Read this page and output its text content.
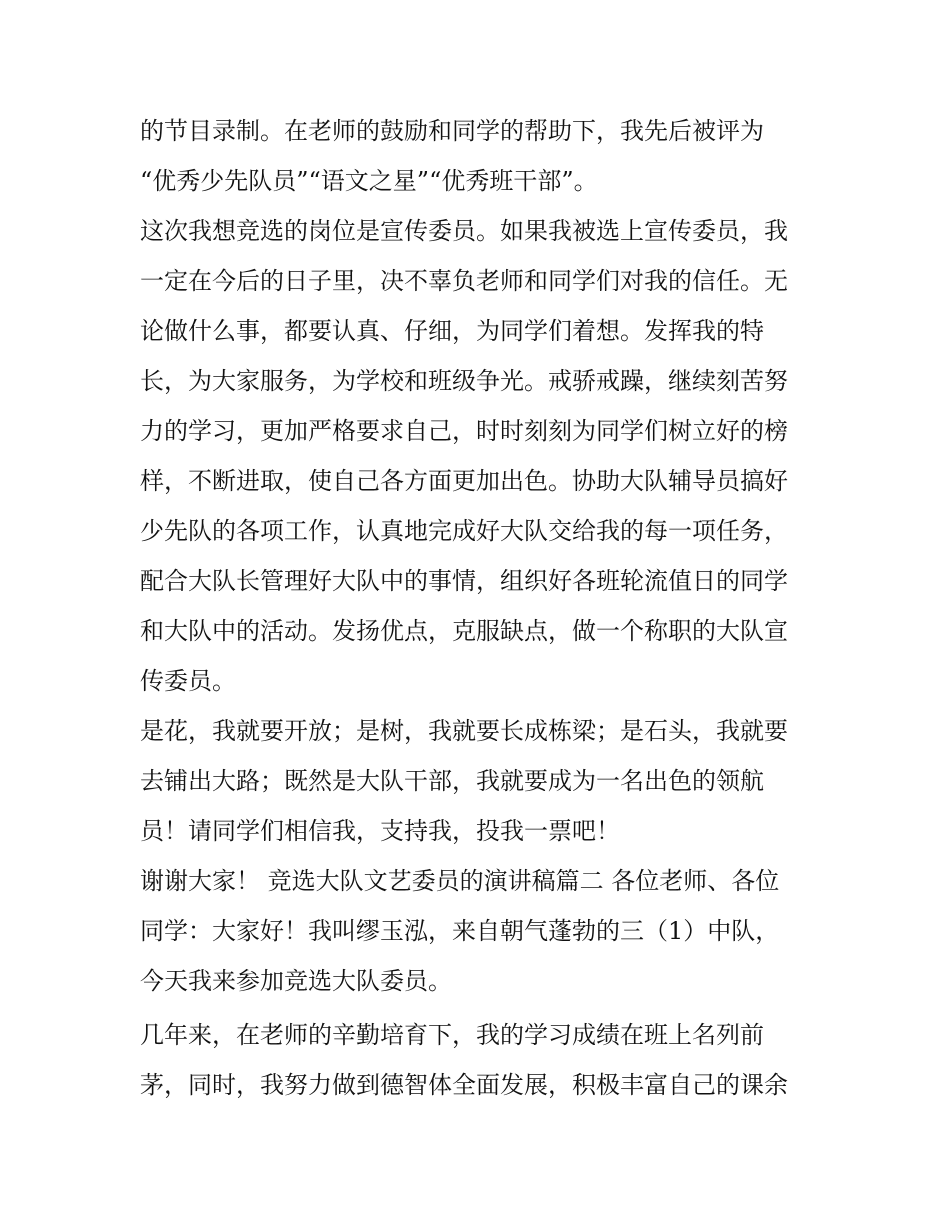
的节目录制。在老师的鼓励和同学的帮助下，我先后被评为

“优秀少先队员”“语文之星”“优秀班干部”。

这次我想竞选的岗位是宣传委员。如果我被选上宣传委员，我

一定在今后的日子里，决不辜负老师和同学们对我的信任。无

论做什么事，都要认真、仔细，为同学们着想。发挥我的特

长，为大家服务，为学校和班级争光。戒骄戒躁，继续刻苦努

力的学习，更加严格要求自己，时时刻刻为同学们树立好的榜

样，不断进取，使自己各方面更加出色。协助大队辅导员搞好

少先队的各项工作，认真地完成好大队交给我的每一项任务，

配合大队长管理好大队中的事情，组织好各班轮流值日的同学

和大队中的活动。发扬优点，克服缺点，做一个称职的大队宣

传委员。

是花，我就要开放；是树，我就要长成栋梁；是石头，我就要

去铺出大路；既然是大队干部，我就要成为一名出色的领航

员！请同学们相信我，支持我，投我一票吧！

谢谢大家！ 竞选大队文艺委员的演讲稿篇二 各位老师、各位

同学：大家好！我叫缪玉泓，来自朝气蓬勃的三（1）中队，

今天我来参加竞选大队委员。

几年来，在老师的辛勤培育下，我的学习成绩在班上名列前

茅，同时，我努力做到德智体全面发展，积极丰富自己的课余
